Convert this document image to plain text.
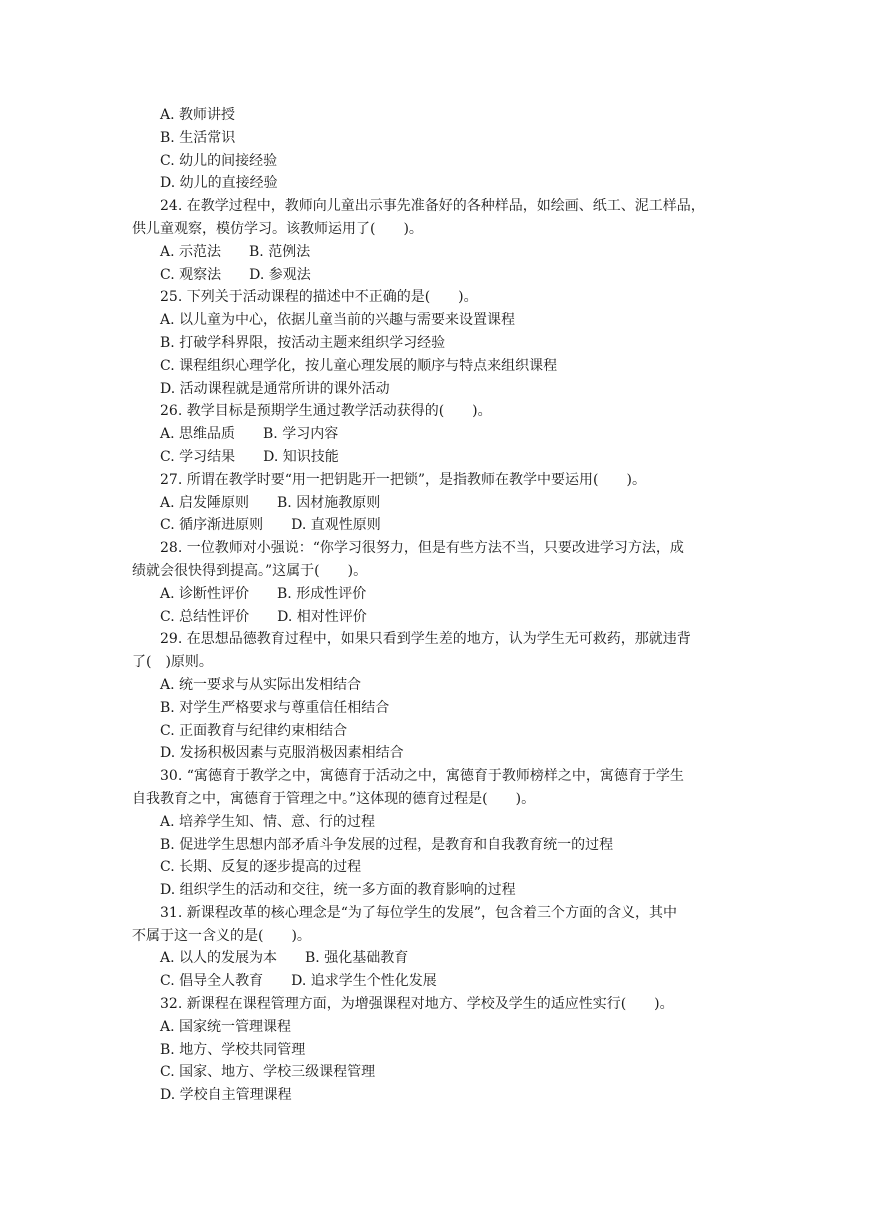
A. 教师讲授
B. 生活常识
C. 幼儿的间接经验
D. 幼儿的直接经验
24. 在教学过程中，教师向儿童出示事先准备好的各种样品，如绘画、纸工、泥工样品，
供儿童观察，模仿学习。该教师运用了(　　)。
A. 示范法　　B. 范例法
C. 观察法　　D. 参观法
25. 下列关于活动课程的描述中不正确的是(　　)。
A. 以儿童为中心，依据儿童当前的兴趣与需要来设置课程
B. 打破学科界限，按活动主题来组织学习经验
C. 课程组织心理学化，按儿童心理发展的顺序与特点来组织课程
D. 活动课程就是通常所讲的课外活动
26. 教学目标是预期学生通过教学活动获得的(　　)。
A. 思维品质　　B. 学习内容
C. 学习结果　　D. 知识技能
27. 所谓在教学时要“用一把钥匙开一把锁”，是指教师在教学中要运用(　　)。
A. 启发陲原则　　B. 因材施教原则
C. 循序渐进原则　　D. 直观性原则
28. 一位教师对小强说：“你学习很努力，但是有些方法不当，只要改进学习方法，成
绩就会很快得到提高。”这属于(　　)。
A. 诊断性评价　　B. 形成性评价
C. 总结性评价　　D. 相对性评价
29. 在思想品德教育过程中，如果只看到学生差的地方，认为学生无可救药，那就违背
了(　)原则。
A. 统一要求与从实际出发相结合
B. 对学生严格要求与尊重信任相结合
C. 正面教育与纪律约束相结合
D. 发扬积极因素与克服消极因素相结合
30. “寓德育于教学之中，寓德育于活动之中，寓德育于教师榜样之中，寓德育于学生
自我教育之中，寓德育于管理之中。”这体现的德育过程是(　　)。
A. 培养学生知、情、意、行的过程
B. 促进学生思想内部矛盾斗争发展的过程，是教育和自我教育统一的过程
C. 长期、反复的逐步提高的过程
D. 组织学生的活动和交往，统一多方面的教育影响的过程
31. 新课程改革的核心理念是“为了每位学生的发展”，包含着三个方面的含义，其中
不属于这一含义的是(　　)。
A. 以人的发展为本　　B. 强化基础教育
C. 倡导全人教育　　D. 追求学生个性化发展
32. 新课程在课程管理方面，为增强课程对地方、学校及学生的适应性实行(　　)。
A. 国家统一管理课程
B. 地方、学校共同管理
C. 国家、地方、学校三级课程管理
D. 学校自主管理课程
